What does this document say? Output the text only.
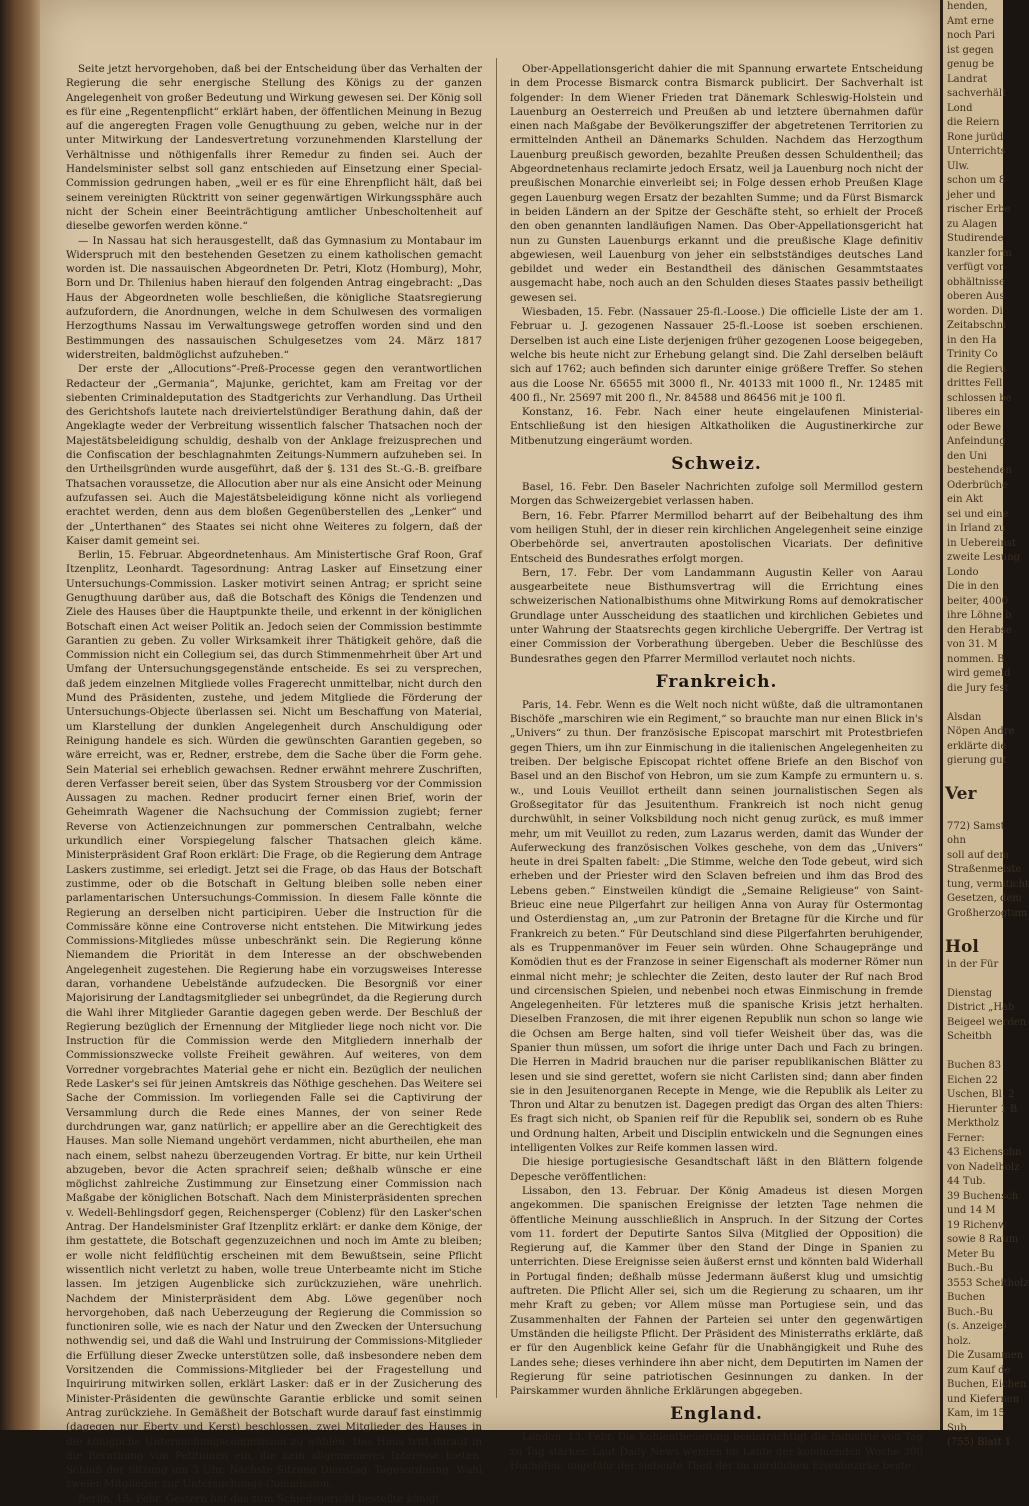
Seite jetzt hervorgehoben, daß bei der Entscheidung über das Verhalten der Regierung die sehr energische Stellung des Königs zu der ganzen Angelegenheit von großer Bedeutung und Wirkung gewesen sei. Der König soll es für eine „Regentenpflicht“ erklärt haben, der öffentlichen Meinung in Bezug auf die angeregten Fragen volle Genugthuung zu geben, welche nur in der unter Mitwirkung der Landesvertretung vorzunehmenden Klarstellung der Verhältnisse und nöthigenfalls ihrer Remedur zu finden sei. Auch der Handelsminister selbst soll ganz entschieden auf Einsetzung einer Special-Commission gedrungen haben, „weil er es für eine Ehrenpflicht hält, daß bei seinem vereinigten Rücktritt von seiner gegenwärtigen Wirkungssphäre auch nicht der Schein einer Beeinträchtigung amtlicher Unbescholtenheit auf dieselbe geworfen werden könne.“

— In Nassau hat sich herausgestellt, daß das Gymnasium zu Montabaur im Widerspruch mit den bestehenden Gesetzen zu einem katholischen gemacht worden ist. Die nassauischen Abgeordneten Dr. Petri, Klotz (Homburg), Mohr, Born und Dr. Thilenius haben hierauf den folgenden Antrag eingebracht: „Das Haus der Abgeordneten wolle beschließen, die königliche Staatsregierung aufzufordern, die Anordnungen, welche in dem Schulwesen des vormaligen Herzogthums Nassau im Verwaltungswege getroffen worden sind und den Bestimmungen des nassauischen Schulgesetzes vom 24. März 1817 widerstreiten, baldmöglichst aufzuheben.“

Der erste der „Allocutions“-Preß-Processe gegen den verantwortlichen Redacteur der „Germania“, Majunke, gerichtet, kam am Freitag vor der siebenten Criminaldeputation des Stadtgerichts zur Verhandlung. Das Urtheil des Gerichtshofs lautete nach dreiviertelstündiger Berathung dahin, daß der Angeklagte weder der Verbreitung wissentlich falscher Thatsachen noch der Majestätsbeleidigung schuldig, deshalb von der Anklage freizusprechen und die Confiscation der beschlagnahmten Zeitungs-Nummern aufzuheben sei. In den Urtheilsgründen wurde ausgeführt, daß der §. 131 des St.-G.-B. greifbare Thatsachen voraussetze, die Allocution aber nur als eine Ansicht oder Meinung aufzufassen sei. Auch die Majestätsbeleidigung könne nicht als vorliegend erachtet werden, denn aus dem bloßen Gegenüberstellen des „Lenker“ und der „Unterthanen“ des Staates sei nicht ohne Weiteres zu folgern, daß der Kaiser damit gemeint sei.

Berlin, 15. Februar. Abgeordnetenhaus. Am Ministertische Graf Roon, Graf Itzenplitz, Leonhardt. Tagesordnung: Antrag Lasker auf Einsetzung einer Untersuchungs-Commission. Lasker motivirt seinen Antrag; er spricht seine Genugthuung darüber aus, daß die Botschaft des Königs die Tendenzen und Ziele des Hauses über die Hauptpunkte theile, und erkennt in der königlichen Botschaft einen Act weiser Politik an. Jedoch seien der Commission bestimmte Garantien zu geben. Zu voller Wirksamkeit ihrer Thätigkeit gehöre, daß die Commission nicht ein Collegium sei, das durch Stimmenmehrheit über Art und Umfang der Untersuchungsgegenstände entscheide. Es sei zu versprechen, daß jedem einzelnen Mitgliede volles Fragerecht unmittelbar, nicht durch den Mund des Präsidenten, zustehe, und jedem Mitgliede die Förderung der Untersuchungs-Objecte überlassen sei. Nicht um Beschaffung von Material, um Klarstellung der dunklen Angelegenheit durch Anschuldigung oder Reinigung handele es sich. Würden die gewünschten Garantien gegeben, so wäre erreicht, was er, Redner, erstrebe, dem die Sache über die Form gehe. Sein Material sei erheblich gewachsen. Redner erwähnt mehrere Zuschriften, deren Verfasser bereit seien, über das System Strousberg vor der Commission Aussagen zu machen. Redner producirt ferner einen Brief, worin der Geheimrath Wagener die Nachsuchung der Commission zugiebt; ferner Reverse von Actienzeichnungen zur pommerschen Centralbahn, welche urkundlich einer Vorspiegelung falscher Thatsachen gleich käme. Ministerpräsident Graf Roon erklärt: Die Frage, ob die Regierung dem Antrage Laskers zustimme, sei erledigt. Jetzt sei die Frage, ob das Haus der Botschaft zustimme, oder ob die Botschaft in Geltung bleiben solle neben einer parlamentarischen Untersuchungs-Commission. In diesem Falle könnte die Regierung an derselben nicht participiren. Ueber die Instruction für die Commissäre könne eine Controverse nicht entstehen. Die Mitwirkung jedes Commissions-Mitgliedes müsse unbeschränkt sein. Die Regierung könne Niemandem die Priorität in dem Interesse an der obschwebenden Angelegenheit zugestehen. Die Regierung habe ein vorzugsweises Interesse daran, vorhandene Uebelstände aufzudecken. Die Besorgniß vor einer Majorisirung der Landtagsmitglieder sei unbegründet, da die Regierung durch die Wahl ihrer Mitglieder Garantie dagegen geben werde. Der Beschluß der Regierung bezüglich der Ernennung der Mitglieder liege noch nicht vor. Die Instruction für die Commission werde den Mitgliedern innerhalb der Commissionszwecke vollste Freiheit gewähren. Auf weiteres, von dem Vorredner vorgebrachtes Material gehe er nicht ein. Bezüglich der neulichen Rede Lasker's sei für jeinen Amtskreis das Nöthige geschehen. Das Weitere sei Sache der Commission. Im vorliegenden Falle sei die Captivirung der Versammlung durch die Rede eines Mannes, der von seiner Rede durchdrungen war, ganz natürlich; er appellire aber an die Gerechtigkeit des Hauses. Man solle Niemand ungehört verdammen, nicht aburtheilen, ehe man nach einem, selbst nahezu überzeugenden Vortrag. Er bitte, nur kein Urtheil abzugeben, bevor die Acten sprachreif seien; deßhalb wünsche er eine möglichst zahlreiche Zustimmung zur Einsetzung einer Commission nach Maßgabe der königlichen Botschaft. Nach dem Ministerpräsidenten sprechen v. Wedell-Behlingsdorf gegen, Reichensperger (Coblenz) für den Lasker'schen Antrag. Der Handelsminister Graf Itzenplitz erklärt: er danke dem Könige, der ihm gestattete, die Botschaft gegenzuzeichnen und noch im Amte zu bleiben; er wolle nicht feldflüchtig erscheinen mit dem Bewußtsein, seine Pflicht wissentlich nicht verletzt zu haben, wolle treue Unterbeamte nicht im Stiche lassen. Im jetzigen Augenblicke sich zurückzuziehen, wäre unehrlich. Nachdem der Ministerpräsident dem Abg. Löwe gegenüber noch hervorgehoben, daß nach Ueberzeugung der Regierung die Commission so functioniren solle, wie es nach der Natur und den Zwecken der Untersuchung nothwendig sei, und daß die Wahl und Instruirung der Commissions-Mitglieder die Erfüllung dieser Zwecke unterstützen solle, daß insbesondere neben dem Vorsitzenden die Commissions-Mitglieder bei der Fragestellung und Inquirirung mitwirken sollen, erklärt Lasker: daß er in der Zusicherung des Minister-Präsidenten die gewünschte Garantie erblicke und somit seinen Antrag zurückziehe. In Gemäßheit der Botschaft wurde darauf fast einstimmig (dagegen nur Eberty und Kerst) beschlossen, zwei Mitglieder des Hauses in die königliche Untersuchungscommission zu wählen. Das Haus tritt darauf in die Berathung von Petitionen ein, die kein allgemeineres Interesse bieten. Schluß der Sitzung um 3 Uhr. Nächste Sitzung Dienstag. Tagesordnung: Wahl zweier Mitglieder zur Untersuchungs-Commission.

Berlin, 15. Febr. Gestern hat das zum Schiedsgericht bestellte königl.

Ober-Appellationsgericht dahier die mit Spannung erwartete Entscheidung in dem Processe Bismarck contra Bismarck publicirt. Der Sachverhalt ist folgender: In dem Wiener Frieden trat Dänemark Schleswig-Holstein und Lauenburg an Oesterreich und Preußen ab und letztere übernahmen dafür einen nach Maßgabe der Bevölkerungsziffer der abgetretenen Territorien zu ermittelnden Antheil an Dänemarks Schulden. Nachdem das Herzogthum Lauenburg preußisch geworden, bezahlte Preußen dessen Schuldentheil; das Abgeordnetenhaus reclamirte jedoch Ersatz, weil ja Lauenburg noch nicht der preußischen Monarchie einverleibt sei; in Folge dessen erhob Preußen Klage gegen Lauenburg wegen Ersatz der bezahlten Summe; und da Fürst Bismarck in beiden Ländern an der Spitze der Geschäfte steht, so erhielt der Proceß den oben genannten landläufigen Namen. Das Ober-Appellationsgericht hat nun zu Gunsten Lauenburgs erkannt und die preußische Klage definitiv abgewiesen, weil Lauenburg von jeher ein selbstständiges deutsches Land gebildet und weder ein Bestandtheil des dänischen Gesammtstaates ausgemacht habe, noch auch an den Schulden dieses Staates passiv betheiligt gewesen sei.

Wiesbaden, 15. Febr. (Nassauer 25-fl.-Loose.) Die officielle Liste der am 1. Februar u. J. gezogenen Nassauer 25-fl.-Loose ist soeben erschienen. Derselben ist auch eine Liste derjenigen früher gezogenen Loose beigegeben, welche bis heute nicht zur Erhebung gelangt sind. Die Zahl derselben beläuft sich auf 1762; auch befinden sich darunter einige größere Treffer. So stehen aus die Loose Nr. 65655 mit 3000 fl., Nr. 40133 mit 1000 fl., Nr. 12485 mit 400 fl., Nr. 25697 mit 200 fl., Nr. 84588 und 86456 mit je 100 fl.

Konstanz, 16. Febr. Nach einer heute eingelaufenen Ministerial-Entschließung ist den hiesigen Altkatholiken die Augustinerkirche zur Mitbenutzung eingeräumt worden.

Schweiz.

Basel, 16. Febr. Den Baseler Nachrichten zufolge soll Mermillod gestern Morgen das Schweizergebiet verlassen haben.

Bern, 16. Febr. Pfarrer Mermillod beharrt auf der Beibehaltung des ihm vom heiligen Stuhl, der in dieser rein kirchlichen Angelegenheit seine einzige Oberbehörde sei, anvertrauten apostolischen Vicariats. Der definitive Entscheid des Bundesrathes erfolgt morgen.

Bern, 17. Febr. Der vom Landammann Augustin Keller von Aarau ausgearbeitete neue Bisthumsvertrag will die Errichtung eines schweizerischen Nationalbisthums ohne Mitwirkung Roms auf demokratischer Grundlage unter Ausscheidung des staatlichen und kirchlichen Gebietes und unter Wahrung der Staatsrechts gegen kirchliche Uebergriffe. Der Vertrag ist einer Commission der Vorberathung übergeben. Ueber die Beschlüsse des Bundesrathes gegen den Pfarrer Mermillod verlautet noch nichts.

Frankreich.

Paris, 14. Febr. Wenn es die Welt noch nicht wüßte, daß die ultramontanen Bischöfe „marschiren wie ein Regiment,“ so brauchte man nur einen Blick in's „Univers“ zu thun. Der französische Episcopat marschirt mit Protestbriefen gegen Thiers, um ihn zur Einmischung in die italienischen Angelegenheiten zu treiben. Der belgische Episcopat richtet offene Briefe an den Bischof von Basel und an den Bischof von Hebron, um sie zum Kampfe zu ermuntern u. s. w., und Louis Veuillot ertheilt dann seinen journalistischen Segen als Großsegitator für das Jesuitenthum. Frankreich ist noch nicht genug durchwühlt, in seiner Volksbildung noch nicht genug zurück, es muß immer mehr, um mit Veuillot zu reden, zum Lazarus werden, damit das Wunder der Auferweckung des französischen Volkes geschehe, von dem das „Univers“ heute in drei Spalten fabelt: „Die Stimme, welche den Tode gebeut, wird sich erheben und der Priester wird den Sclaven befreien und ihm das Brod des Lebens geben.“ Einstweilen kündigt die „Semaine Religieuse“ von Saint-Brieuc eine neue Pilgerfahrt zur heiligen Anna von Auray für Ostermontag und Osterdienstag an, „um zur Patronin der Bretagne für die Kirche und für Frankreich zu beten.“ Für Deutschland sind diese Pilgerfahrten beruhigender, als es Truppenmanöver im Feuer sein würden. Ohne Schaugepränge und Komödien thut es der Franzose in seiner Eigenschaft als moderner Römer nun einmal nicht mehr; je schlechter die Zeiten, desto lauter der Ruf nach Brod und circensischen Spielen, und nebenbei noch etwas Einmischung in fremde Angelegenheiten. Für letzteres muß die spanische Krisis jetzt herhalten. Dieselben Franzosen, die mit ihrer eigenen Republik nun schon so lange wie die Ochsen am Berge halten, sind voll tiefer Weisheit über das, was die Spanier thun müssen, um sofort die ihrige unter Dach und Fach zu bringen. Die Herren in Madrid brauchen nur die pariser republikanischen Blätter zu lesen und sie sind gerettet, wofern sie nicht Carlisten sind; dann aber finden sie in den Jesuitenorganen Recepte in Menge, wie die Republik als Leiter zu Thron und Altar zu benutzen ist. Dagegen predigt das Organ des alten Thiers: Es fragt sich nicht, ob Spanien reif für die Republik sei, sondern ob es Ruhe und Ordnung halten, Arbeit und Disciplin entwickeln und die Segnungen eines intelligenten Volkes zur Reife kommen lassen wird.

Die hiesige portugiesische Gesandtschaft läßt in den Blättern folgende Depesche veröffentlichen:

Lissabon, den 13. Februar. Der König Amadeus ist diesen Morgen angekommen. Die spanischen Ereignisse der letzten Tage nehmen die öffentliche Meinung ausschließlich in Anspruch. In der Sitzung der Cortes vom 11. fordert der Deputirte Santos Silva (Mitglied der Opposition) die Regierung auf, die Kammer über den Stand der Dinge in Spanien zu unterrichten. Diese Ereignisse seien äußerst ernst und könnten bald Widerhall in Portugal finden; deßhalb müsse Jedermann äußerst klug und umsichtig auftreten. Die Pflicht Aller sei, sich um die Regierung zu schaaren, um ihr mehr Kraft zu geben; vor Allem müsse man Portugiese sein, und das Zusammenhalten der Fahnen der Parteien sei unter den gegenwärtigen Umständen die heiligste Pflicht. Der Präsident des Ministerraths erklärte, daß er für den Augenblick keine Gefahr für die Unabhängigkeit und Ruhe des Landes sehe; dieses verhindere ihn aber nicht, dem Deputirten im Namen der Regierung für seine patriotischen Gesinnungen zu danken. In der Pairskammer wurden ähnliche Erklärungen abgegeben.

England.

London, 13. Febr. Die Kohlentheuerung beeinträchtigt die Industrie von Tag zu Tag stärker. Laut Daily News werden im Laufe der kommenden Woche 300 Hochöfen, ungefähr der siebente Theil der im nördlichen Eisenbezirke beste-

henden,
Amt erne
noch Pari
ist gegen
genug be
Landrat
sachverhält
Lond
die Reiern
Rone jurüd
Unterrichts
Ulw.
schon um 8
jeher und
rischer Erbe
zu Alagen
Studirende
kanzler form
verfügt vor
obhältnisse
oberen Aus
worden. Di
Zeitabschni
in den Ha
Trinity Co
die Regieru
drittes Fell
schlossen be
liberes ein
oder Bewe
Anfeindung
den Uni
bestehenden
Oderbrüche
ein Akt
sei und eine
in Irland zu
in Uebereinst
zweite Lesung
Londo
Die in den
beiter, 4000
ihre Löhne b
den Herabse
von 31. M
nommen. B
wird gemeld
die Jury fest

Alsdan
Nöpen Andre
erklärte die
gierung gut

Ver

772) Samst
ohn
soll auf dem
Straßenmeiste
tung, vermiticht
Gesetzen, dem
Großherzogtum

Hol
in der Für

Dienstag
District „Hab
Beigeel werden
Scheitbh

Buchen 83
Eichen 22
Uschen, Bl. 2
Hierunter 1 B
Merktholz
Ferner:
43 Eichenschn
von Nadelholz
44 Tub.
39 Buchensch
und 14 M
19 Richenw
sowie 8 Raum
Meter Bu
Buch.-Bu
3553 Scheitholz
Buchen
Buch.-Bu
(s. Anzeige)
holz.
Die Zusammen
zum Kauf de
Buchen, Eichen
und Kiefernen
Kam, im 15
Sub
(755) Blatt 1
